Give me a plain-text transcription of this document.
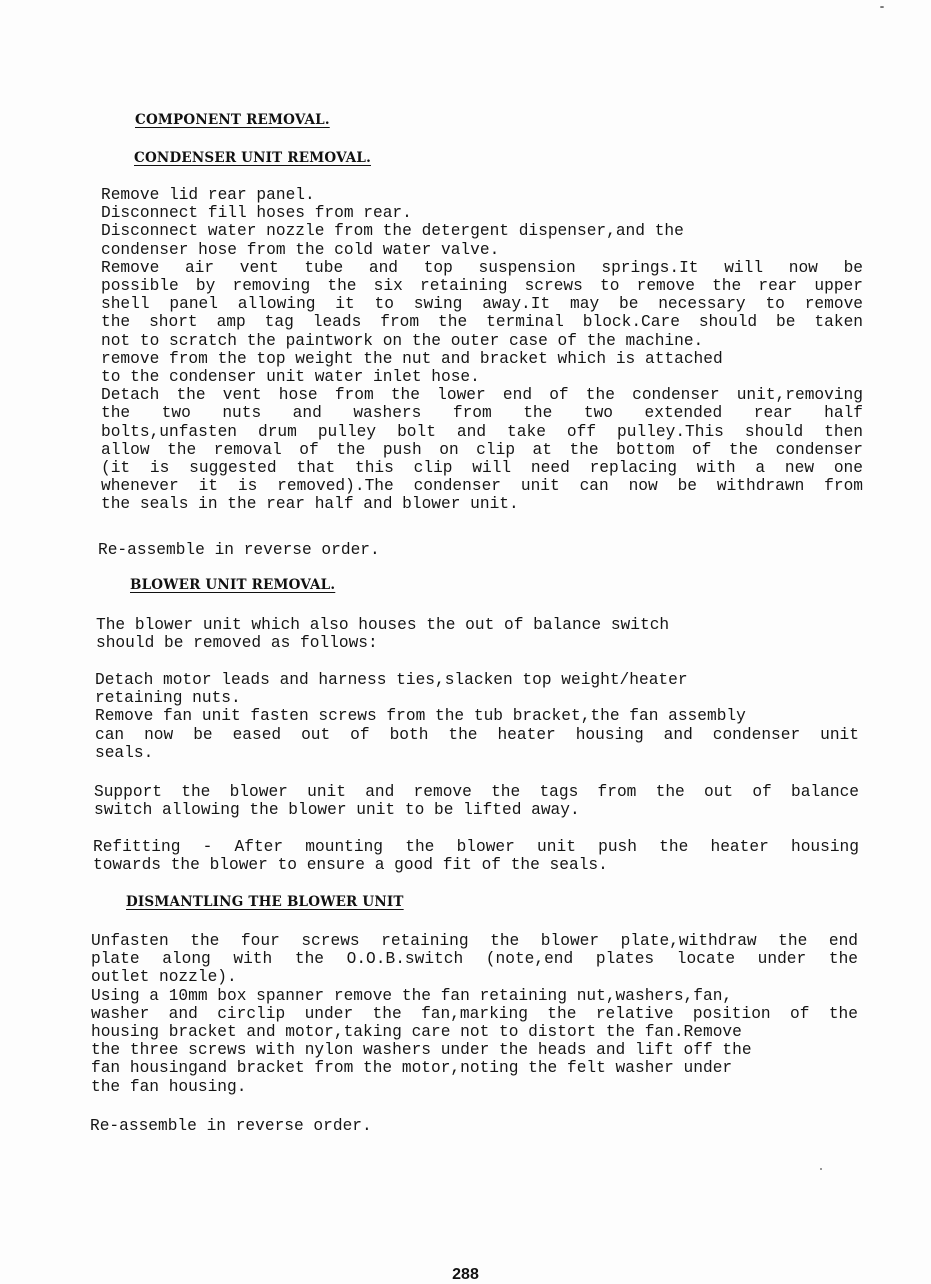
COMPONENT REMOVAL.
CONDENSER UNIT REMOVAL.
Remove lid rear panel.
Disconnect fill hoses from rear.
Disconnect water nozzle from the detergent dispenser,and the
condenser hose from the cold water valve.
Remove air vent tube and top suspension springs.It will now be
possible by removing the six retaining screws to remove the rear upper
shell panel allowing it to swing away.It may be necessary to remove
the short amp tag leads from the terminal block.Care should be taken
not to scratch the paintwork on the outer case of the machine.
remove from the top weight the nut and bracket which is attached
to the condenser unit water inlet hose.
Detach the vent hose from the lower end of the condenser unit,removing
the two nuts and washers from the two extended rear half
bolts,unfasten drum pulley bolt and take off pulley.This should then
allow the removal of the push on clip at the bottom of the condenser
(it is suggested that this clip will need replacing with a new one
whenever it is removed).The condenser unit can now be withdrawn from
the seals in the rear half and blower unit.
Re-assemble in reverse order.
BLOWER UNIT REMOVAL.
The blower unit which also houses the out of balance switch
should be removed as follows:
Detach motor leads and harness ties,slacken top weight/heater
retaining nuts.
Remove fan unit fasten screws from the tub bracket,the fan assembly
can now be eased out of both the heater housing and condenser unit
seals.
Support the blower unit and remove the tags from the out of balance
switch allowing the blower unit to be lifted away.
Refitting - After mounting the blower unit push the heater housing
towards the blower to ensure a good fit of the seals.
DISMANTLING THE BLOWER UNIT
Unfasten the four screws retaining the blower plate,withdraw the end
plate along with the O.O.B.switch (note,end plates locate under the
outlet nozzle).
Using a 10mm box spanner remove the fan retaining nut,washers,fan,
washer and circlip under the fan,marking the relative position of the
housing bracket and motor,taking care not to distort the fan.Remove
the three screws with nylon washers under the heads and lift off the
fan housingand bracket from the motor,noting the felt washer under
the fan housing.
Re-assemble in reverse order.
288
